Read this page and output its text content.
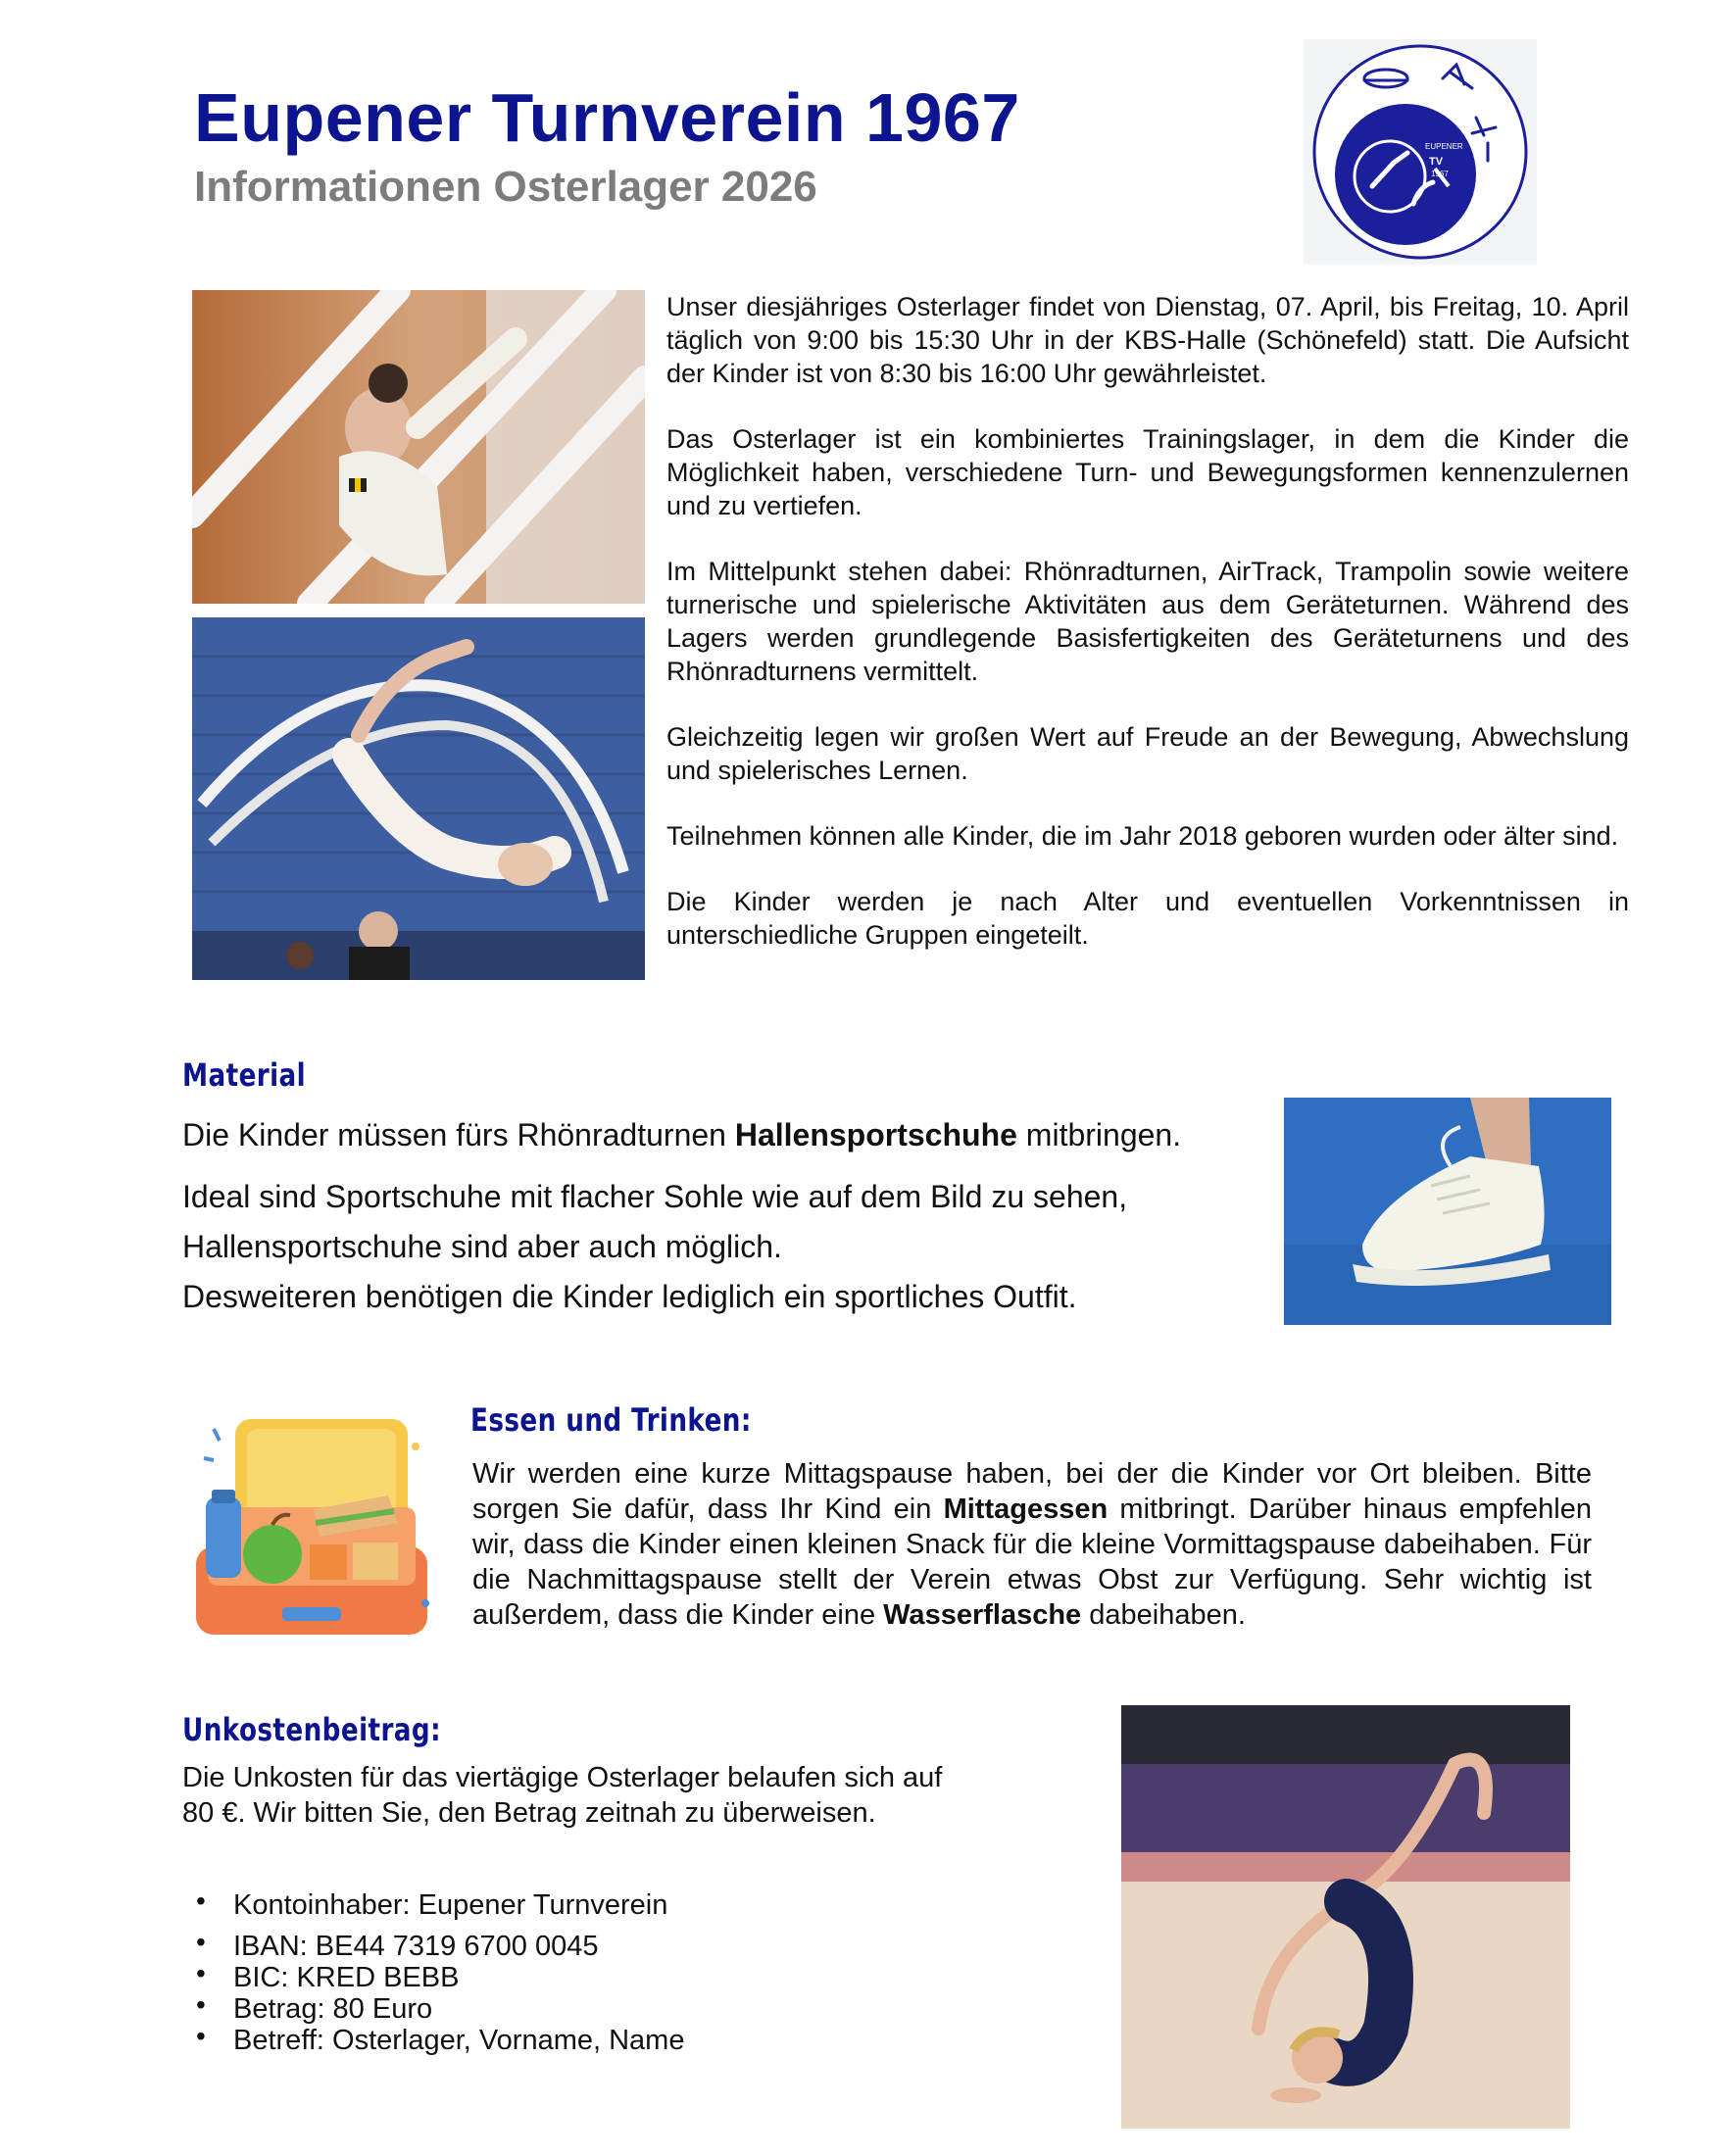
Eupener Turnverein 1967
Informationen Osterlager 2026
EUPENER
TV
1967

Unser diesjähriges Osterlager findet von Dienstag, 07. April, bis Freitag, 10. April täglich von 9:00 bis 15:30 Uhr in der KBS-Halle (Schönefeld) statt. Die Aufsicht der Kinder ist von 8:30 bis 16:00 Uhr gewährleistet.

Das Osterlager ist ein kombiniertes Trainingslager, in dem die Kinder die Möglichkeit haben, verschiedene Turn- und Bewegungsformen kennenzulernen und zu vertiefen.

Im Mittelpunkt stehen dabei: Rhönradturnen, AirTrack, Trampolin sowie weitere turnerische und spielerische Aktivitäten aus dem Geräteturnen. Während des Lagers werden grundlegende Basisfertigkeiten des Geräteturnens und des Rhönradturnens vermittelt.

Gleichzeitig legen wir großen Wert auf Freude an der Bewegung, Abwechslung und spielerisches Lernen.

Teilnehmen können alle Kinder, die im Jahr 2018 geboren wurden oder älter sind.

Die Kinder werden je nach Alter und eventuellen Vorkenntnissen in unterschiedliche Gruppen eingeteilt.

Material
Die Kinder müssen fürs Rhönradturnen Hallensportschuhe mitbringen.
Ideal sind Sportschuhe mit flacher Sohle wie auf dem Bild zu sehen,
Hallensportschuhe sind aber auch möglich.
Desweiteren benötigen die Kinder lediglich ein sportliches Outfit.
Essen und Trinken:

Wir werden eine kurze Mittagspause haben, bei der die Kinder vor Ort bleiben. Bitte sorgen Sie dafür, dass Ihr Kind ein Mittagessen mitbringt. Darüber hinaus empfehlen wir, dass die Kinder einen kleinen Snack für die kleine Vormittagspause dabeihaben. Für die Nachmittagspause stellt der Verein etwas Obst zur Verfügung. Sehr wichtig ist außerdem, dass die Kinder eine Wasserflasche dabeihaben.

Unkostenbeitrag:

Die Unkosten für das viertägige Osterlager belaufen sich auf
80 €. Wir bitten Sie, den Betrag zeitnah zu überweisen.

• Kontoinhaber: Eupener Turnverein
• IBAN: BE44 7319 6700 0045
• BIC: KRED BEBB
• Betrag: 80 Euro
• Betreff: Osterlager, Vorname, Name
